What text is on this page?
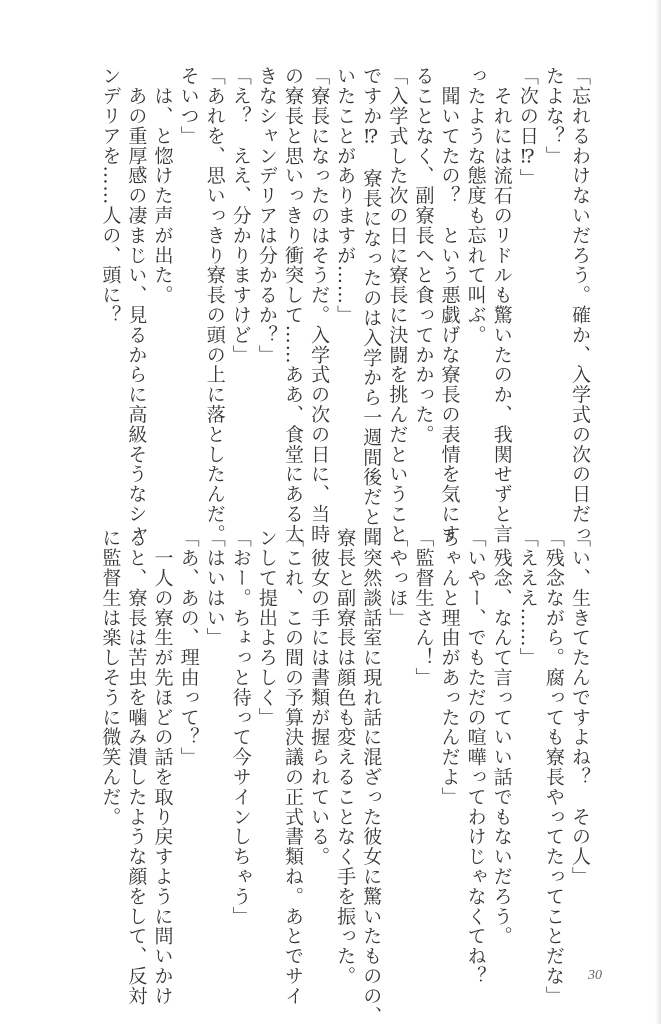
「忘れるわけないだろう。確か、入学式の次の日だっ
たよな？」
「次の日⁉」
　それには流石のリドルも驚いたのか、我関せずと言
ったような態度も忘れて叫ぶ。
　聞いてたの？　という悪戯げな寮長の表情を気にす
ることなく、副寮長へと食ってかかった。
「入学式した次の日に寮長に決闘を挑んだということ
ですか⁉　寮長になったのは入学から一週間後だと聞
いたことがありますが……」
「寮長になったのはそうだ。入学式の次の日に、当時
の寮長と思いっきり衝突して……ああ、食堂にある大
きなシャンデリアは分かるか？」
「え？　ええ、分かりますけど」
「あれを、思いっきり寮長の頭の上に落としたんだ。
そいつ」
　は、と惚けた声が出た。
　あの重厚感の凄まじい、見るからに高級そうなシャ
ンデリアを……人の、頭に？
「い、生きてたんですよね？　その人」
「残念ながら。腐っても寮長やってたってことだな」
「えええ……」
　残念、なんて言っていい話でもないだろう。
「いやー、でもただの喧嘩ってわけじゃなくてね？
ちゃんと理由があったんだよ」
「監督生さん！」
「やっほ」
　突然談話室に現れ話に混ざった彼女に驚いたものの、
寮長と副寮長は顔色も変えることなく手を振った。
　彼女の手には書類が握られている。
「これ、この間の予算決議の正式書類ね。あとでサイ
ンして提出よろしく」
「おー。ちょっと待って今サインしちゃう」
「はいはい」
「あ、あの、理由って？」
　一人の寮生が先ほどの話を取り戻すように問いかけ
ると、寮長は苦虫を噛み潰したような顔をして、反対
に監督生は楽しそうに微笑んだ。
30
